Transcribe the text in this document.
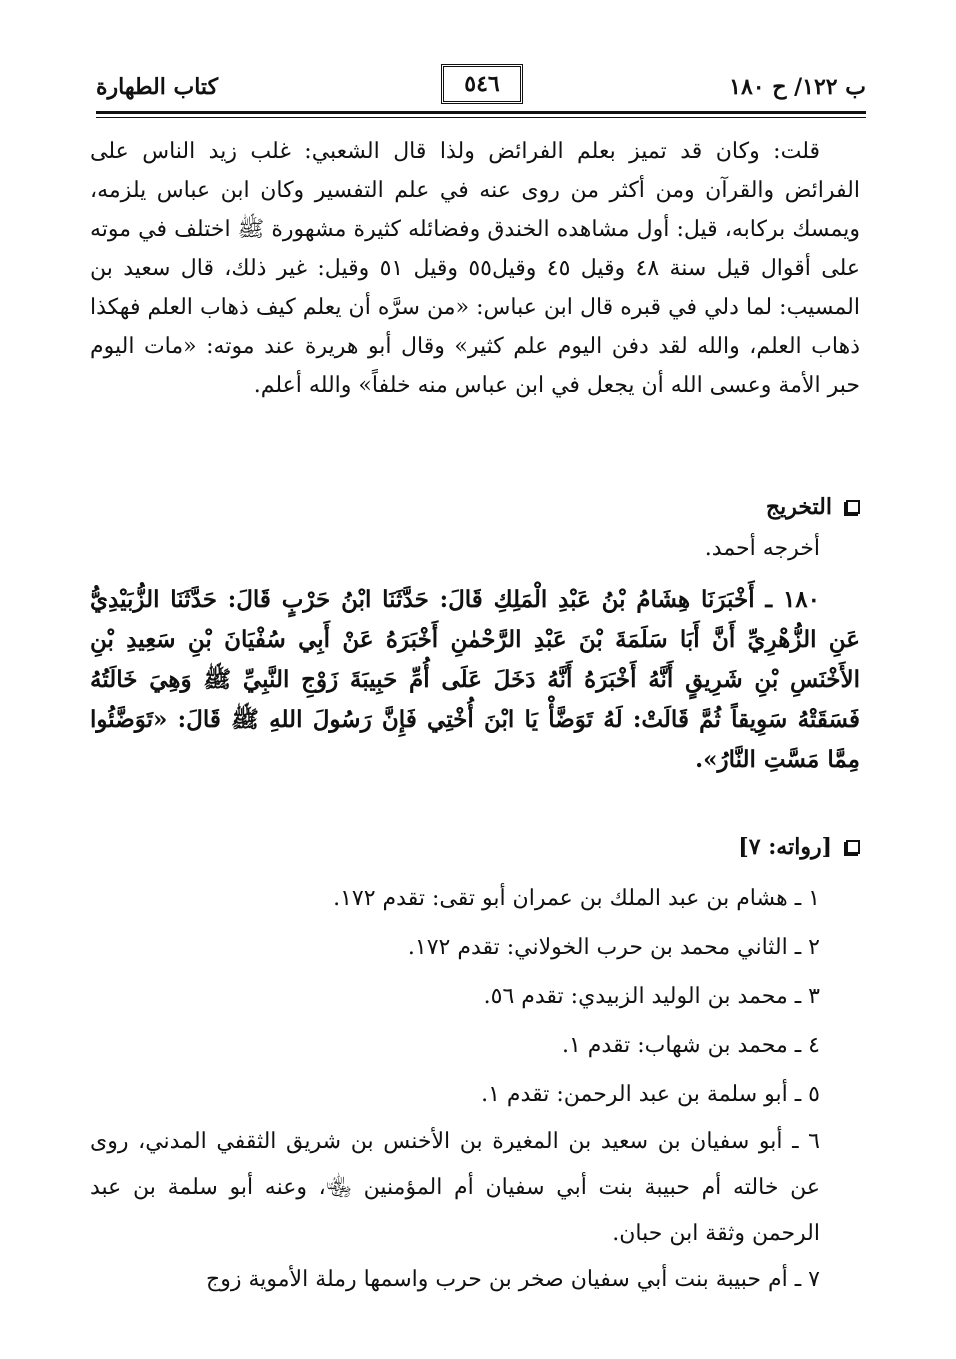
كتاب الطهارة	٥٤٦	ب ١٢٢/ ح ١٨٠

قلت: وكان قد تميز بعلم الفرائض ولذا قال الشعبي: غلب زيد الناس على الفرائض والقرآن ومن أكثر من روى عنه في علم التفسير وكان ابن عباس يلزمه، ويمسك بركابه، قيل: أول مشاهده الخندق وفضائله كثيرة مشهورة ﷺ اختلف في موته على أقوال قيل سنة ٤٨ وقيل ٤٥ وقيل٥٥ وقيل ٥١ وقيل: غير ذلك، قال سعيد بن المسيب: لما دلي في قبره قال ابن عباس: «من سرَّه أن يعلم كيف ذهاب العلم فهكذا ذهاب العلم، والله لقد دفن اليوم علم كثير» وقال أبو هريرة عند موته: «مات اليوم حبر الأمة وعسى الله أن يجعل في ابن عباس منه خلفاً» والله أعلم.

التخريج
أخرجه أحمد.
١٨٠ ـ أَخْبَرَنَا هِشَامُ بْنُ عَبْدِ الْمَلِكِ قَالَ: حَدَّثَنَا ابْنُ حَرْبٍ قَالَ: حَدَّثَنَا الزُّبَيْدِيُّ عَنِ الزُّهْرِيِّ أَنَّ أَبَا سَلَمَةَ بْنَ عَبْدِ الرَّحْمٰنِ أَخْبَرَهُ عَنْ أَبِي سُفْيَانَ بْنِ سَعِيدِ بْنِ الأَخْنَسِ بْنِ شَرِيقٍ أَنَّهُ أَخْبَرَهُ أَنَّهُ دَخَلَ عَلَى أُمِّ حَبِيبَةَ زَوْجِ النَّبِيِّ ﷺ وَهِيَ خَالَتُهُ فَسَقَتْهُ سَوِيقاً ثُمَّ قَالَتْ: لَهُ تَوَضَّأْ يَا ابْنَ أُخْتِي فَإِنَّ رَسُولَ اللهِ ﷺ قَالَ: «تَوَضَّئُوا مِمَّا مَسَّتِ النَّارُ».
[رواته: ٧]

١ ـ هشام بن عبد الملك بن عمران أبو تقى: تقدم ١٧٢.

٢ ـ الثاني محمد بن حرب الخولاني: تقدم ١٧٢.

٣ ـ محمد بن الوليد الزبيدي: تقدم ٥٦.

٤ ـ محمد بن شهاب: تقدم ١.

٥ ـ أبو سلمة بن عبد الرحمن: تقدم ١.

٦ ـ أبو سفيان بن سعيد بن المغيرة بن الأخنس بن شريق الثقفي المدني، روى عن خالته أم حبيبة بنت أبي سفيان أم المؤمنين ﵄، وعنه أبو سلمة بن عبد الرحمن وثقة ابن حبان.

٧ ـ أم حبيبة بنت أبي سفيان صخر بن حرب واسمها رملة الأموية زوج
